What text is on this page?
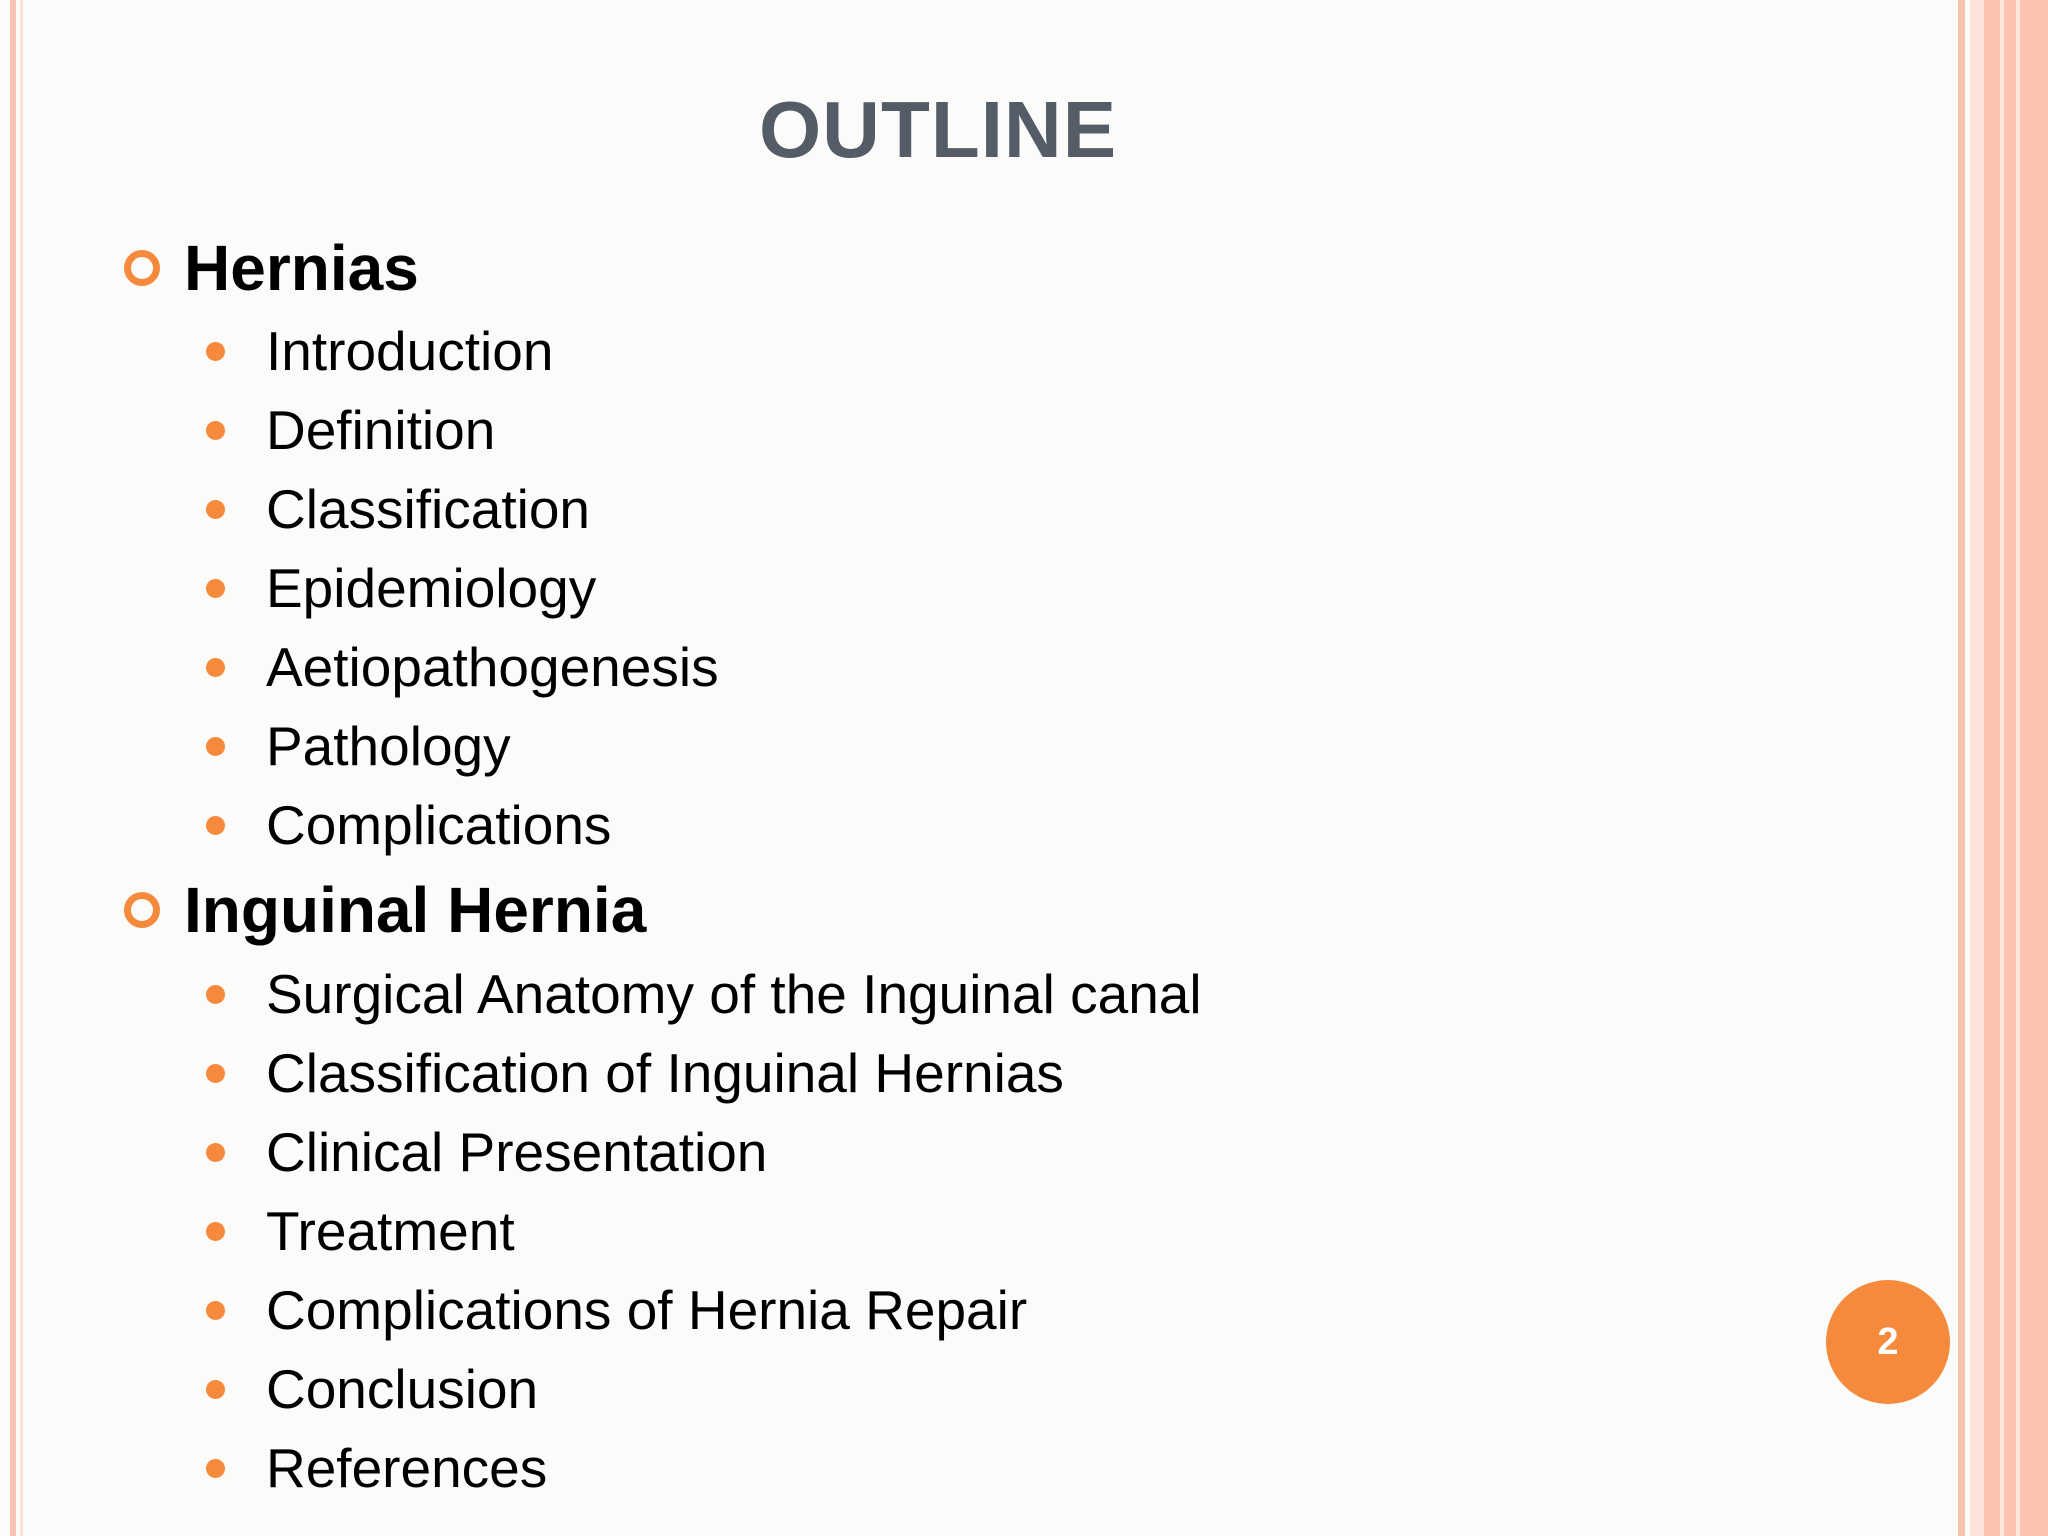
OUTLINE
Hernias
Introduction
Definition
Classification
Epidemiology
Aetiopathogenesis
Pathology
Complications
Inguinal Hernia
Surgical Anatomy of the Inguinal canal
Classification of Inguinal Hernias
Clinical Presentation
Treatment
Complications of Hernia Repair
Conclusion
References
2
